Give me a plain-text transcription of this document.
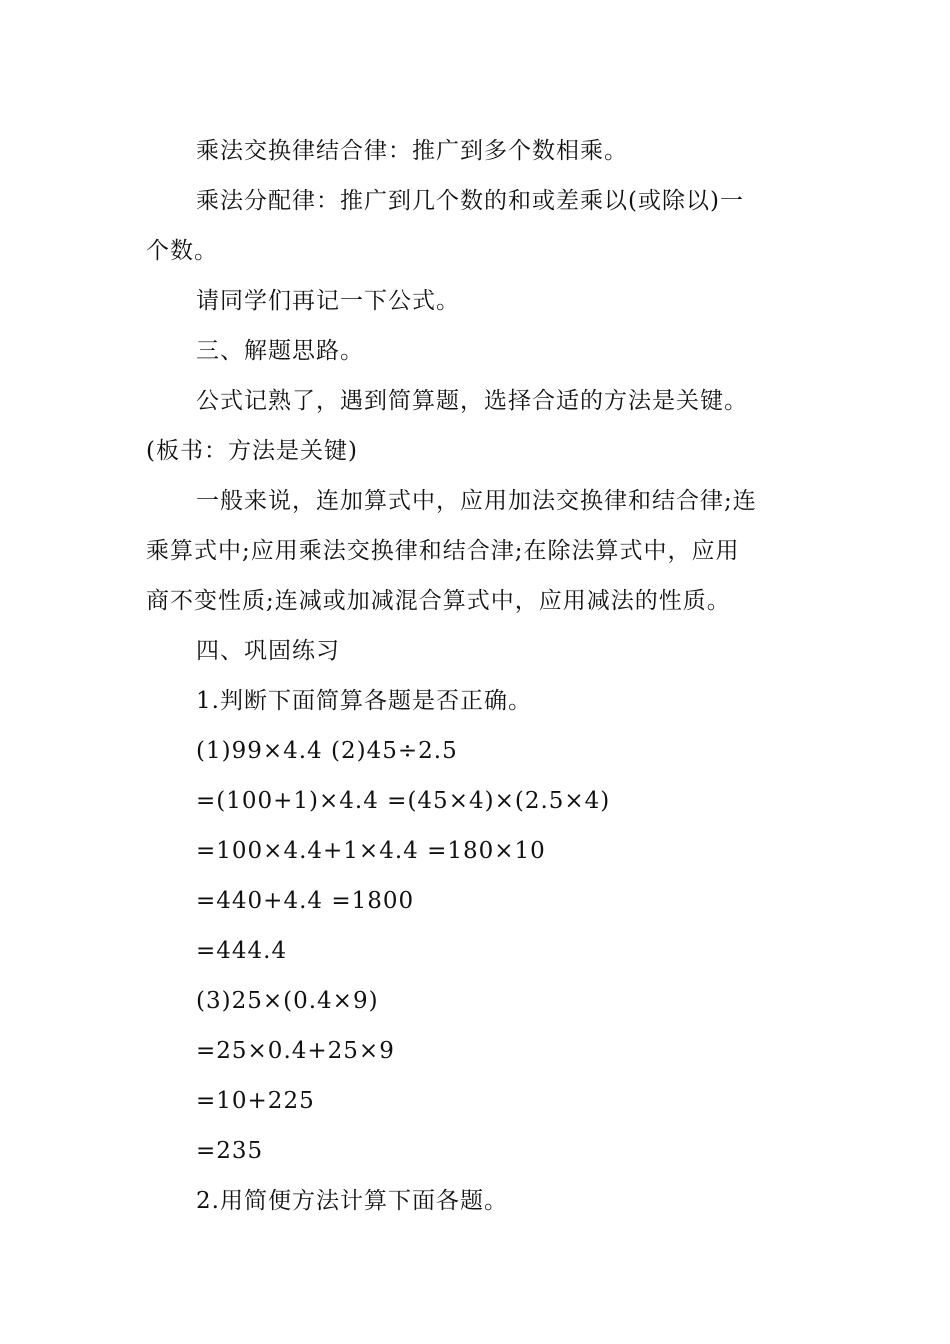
乘法交换律结合律：推广到多个数相乘。
乘法分配律：推广到几个数的和或差乘以(或除以)一
个数。
请同学们再记一下公式。
三、解题思路。
公式记熟了，遇到简算题，选择合适的方法是关键。
(板书：方法是关键)
一般来说，连加算式中，应用加法交换律和结合律;连
乘算式中;应用乘法交换律和结合津;在除法算式中，应用
商不变性质;连减或加减混合算式中，应用减法的性质。
四、巩固练习
1.判断下面简算各题是否正确。
(1)99×4.4 (2)45÷2.5
=(100+1)×4.4 =(45×4)×(2.5×4)
=100×4.4+1×4.4 =180×10
=440+4.4 =1800
=444.4
(3)25×(0.4×9)
=25×0.4+25×9
=10+225
=235
2.用简便方法计算下面各题。
